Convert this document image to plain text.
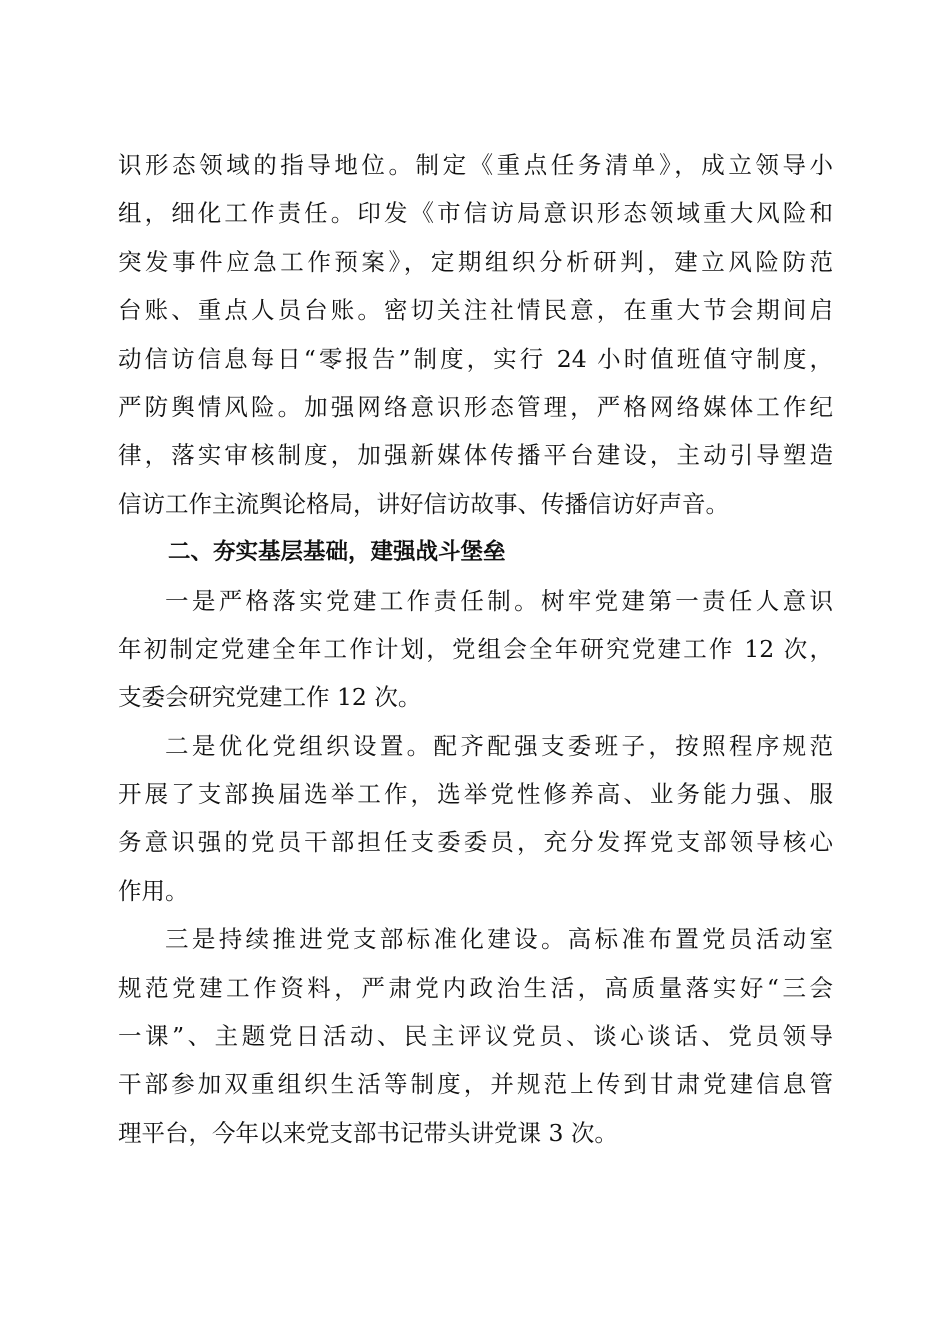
识形态领域的指导地位。制定《重点任务清单》，成立领导小
组，细化工作责任。印发《市信访局意识形态领域重大风险和
突发事件应急工作预案》，定期组织分析研判，建立风险防范
台账、重点人员台账。密切关注社情民意，在重大节会期间启
动信访信息每日“零报告”制度，实行 24 小时值班值守制度，
严防舆情风险。加强网络意识形态管理，严格网络媒体工作纪
律，落实审核制度，加强新媒体传播平台建设，主动引导塑造
信访工作主流舆论格局，讲好信访故事、传播信访好声音。
二、夯实基层基础，建强战斗堡垒
一是严格落实党建工作责任制。树牢党建第一责任人意识
年初制定党建全年工作计划，党组会全年研究党建工作 12 次，
支委会研究党建工作 12 次。
二是优化党组织设置。配齐配强支委班子，按照程序规范
开展了支部换届选举工作，选举党性修养高、业务能力强、服
务意识强的党员干部担任支委委员，充分发挥党支部领导核心
作用。
三是持续推进党支部标准化建设。高标准布置党员活动室
规范党建工作资料，严肃党内政治生活，高质量落实好“三会
一课”、主题党日活动、民主评议党员、谈心谈话、党员领导
干部参加双重组织生活等制度，并规范上传到甘肃党建信息管
理平台，今年以来党支部书记带头讲党课 3 次。
